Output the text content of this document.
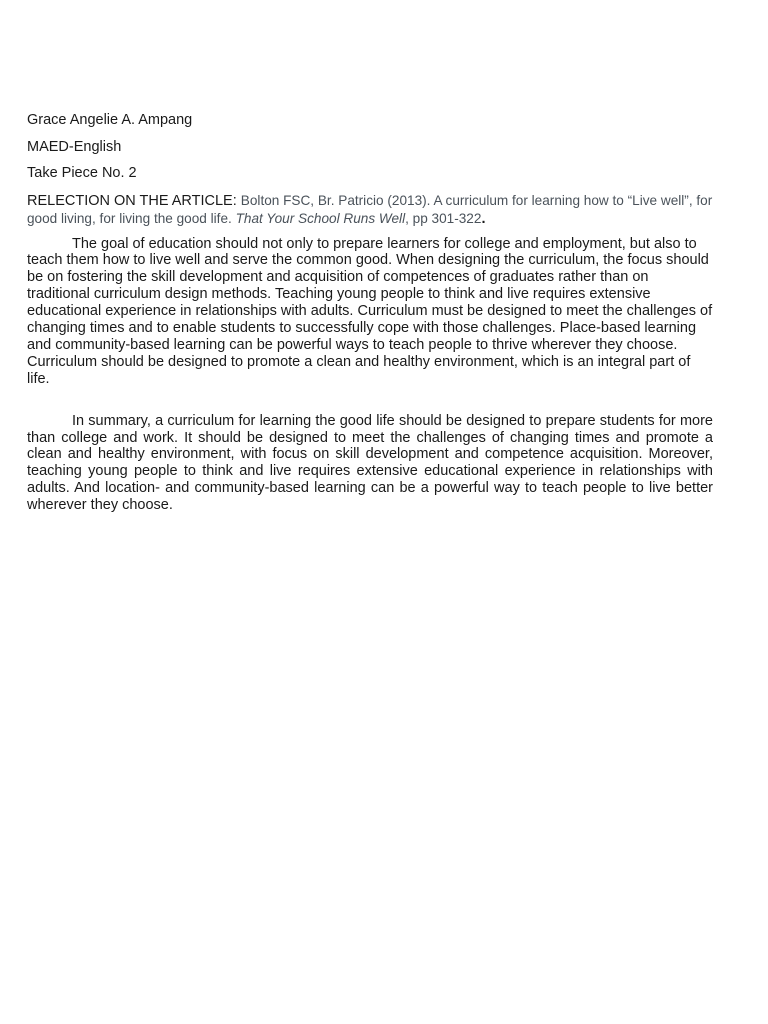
Grace Angelie A. Ampang
MAED-English
Take Piece No. 2
RELECTION ON THE ARTICLE: Bolton FSC, Br. Patricio (2013). A curriculum for learning how to “Live well”, for good living, for living the good life. That Your School Runs Well, pp 301-322.

The goal of education should not only to prepare learners for college and employment, but also to teach them how to live well and serve the common good. When designing the curriculum, the focus should be on fostering the skill development and acquisition of competences of graduates rather than on traditional curriculum design methods. Teaching young people to think and live requires extensive educational experience in relationships with adults. Curriculum must be designed to meet the challenges of changing times and to enable students to successfully cope with those challenges. Place-based learning and community-based learning can be powerful ways to teach people to thrive wherever they choose. Curriculum should be designed to promote a clean and healthy environment, which is an integral part of life.

In summary, a curriculum for learning the good life should be designed to prepare students for more than college and work. It should be designed to meet the challenges of changing times and promote a clean and healthy environment, with focus on skill development and competence acquisition. Moreover, teaching young people to think and live requires extensive educational experience in relationships with adults. And location- and community-based learning can be a powerful way to teach people to live better wherever they choose.
